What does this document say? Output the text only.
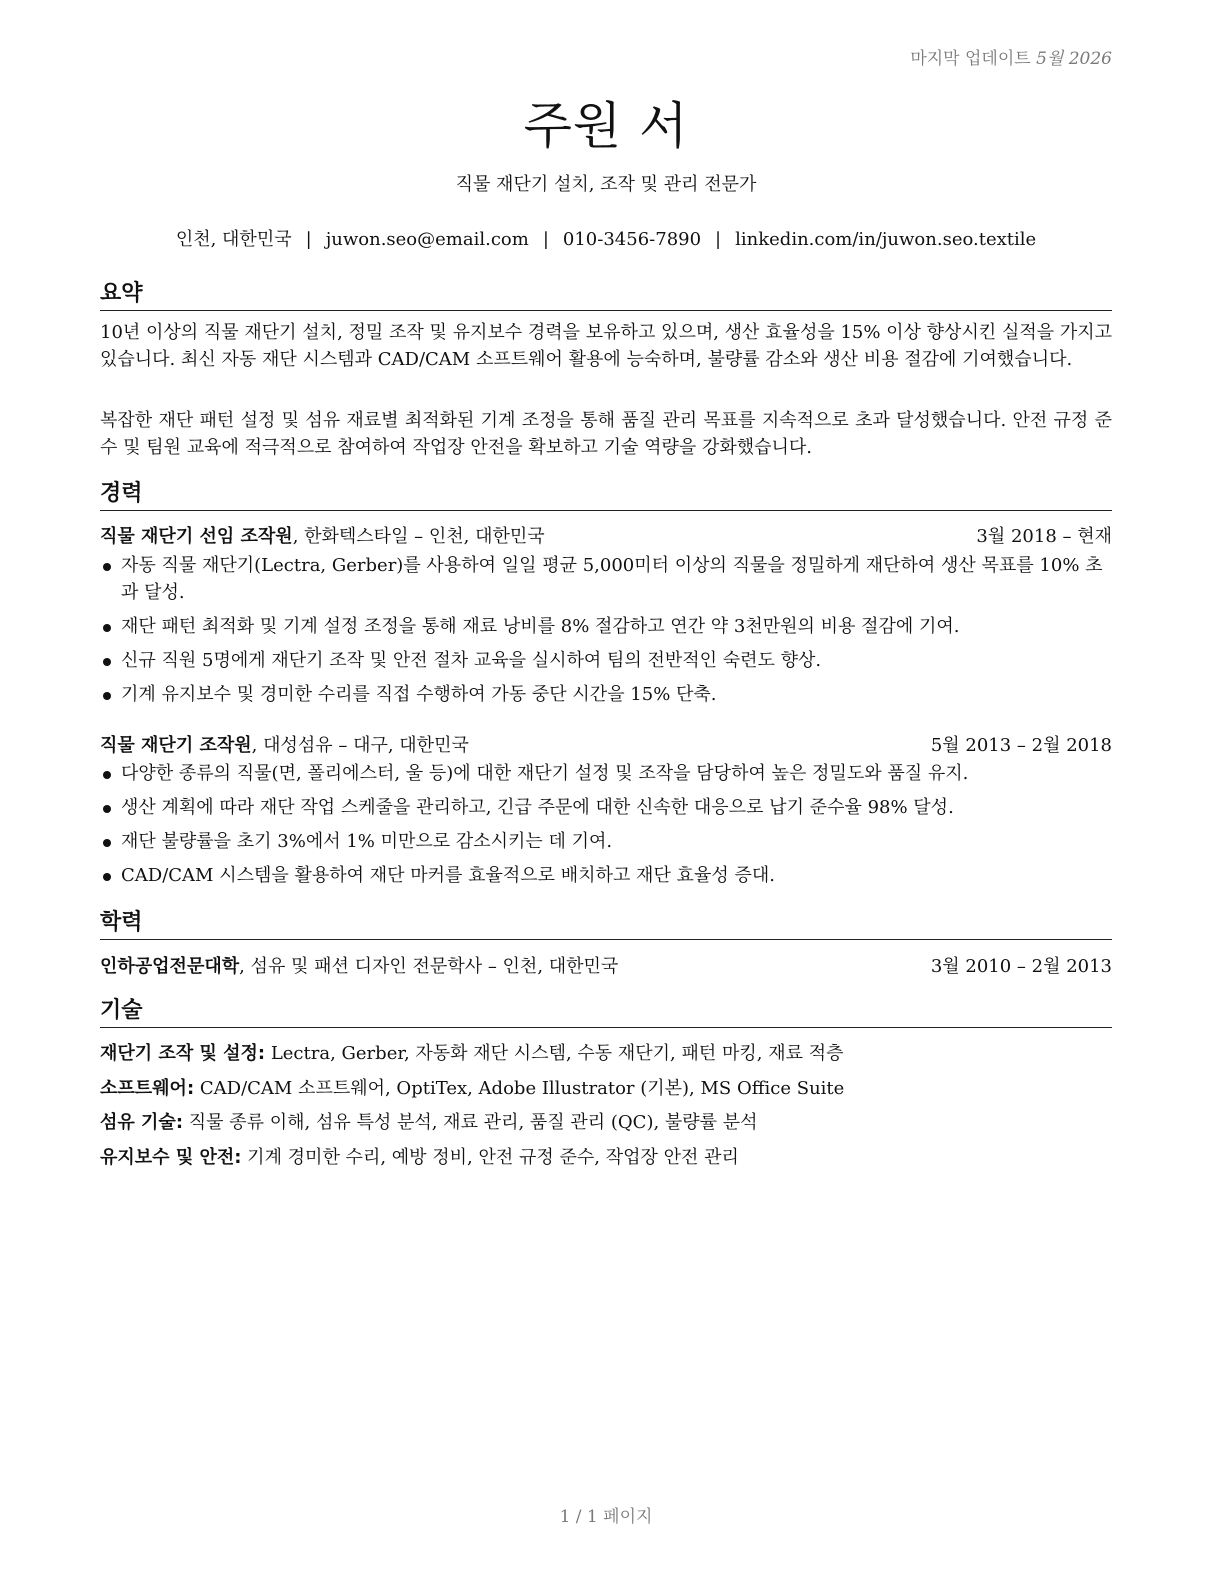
마지막 업데이트 5월 2026
주원 서
직물 재단기 설치, 조작 및 관리 전문가
인천, 대한민국 | juwon.seo@email.com | 010-3456-7890 | linkedin.com/in/juwon.seo.textile
요약
10년 이상의 직물 재단기 설치, 정밀 조작 및 유지보수 경력을 보유하고 있으며, 생산 효율성을 15% 이상 향상시킨 실적을 가지고 있습니다. 최신 자동 재단 시스템과 CAD/CAM 소프트웨어 활용에 능숙하며, 불량률 감소와 생산 비용 절감에 기여했습니다.
복잡한 재단 패턴 설정 및 섬유 재료별 최적화된 기계 조정을 통해 품질 관리 목표를 지속적으로 초과 달성했습니다. 안전 규정 준수 및 팀원 교육에 적극적으로 참여하여 작업장 안전을 확보하고 기술 역량을 강화했습니다.
경력
직물 재단기 선임 조작원, 한화텍스타일 – 인천, 대한민국	3월 2018 – 현재
자동 직물 재단기(Lectra, Gerber)를 사용하여 일일 평균 5,000미터 이상의 직물을 정밀하게 재단하여 생산 목표를 10% 초과 달성.
재단 패턴 최적화 및 기계 설정 조정을 통해 재료 낭비를 8% 절감하고 연간 약 3천만원의 비용 절감에 기여.
신규 직원 5명에게 재단기 조작 및 안전 절차 교육을 실시하여 팀의 전반적인 숙련도 향상.
기계 유지보수 및 경미한 수리를 직접 수행하여 가동 중단 시간을 15% 단축.
직물 재단기 조작원, 대성섬유 – 대구, 대한민국	5월 2013 – 2월 2018
다양한 종류의 직물(면, 폴리에스터, 울 등)에 대한 재단기 설정 및 조작을 담당하여 높은 정밀도와 품질 유지.
생산 계획에 따라 재단 작업 스케줄을 관리하고, 긴급 주문에 대한 신속한 대응으로 납기 준수율 98% 달성.
재단 불량률을 초기 3%에서 1% 미만으로 감소시키는 데 기여.
CAD/CAM 시스템을 활용하여 재단 마커를 효율적으로 배치하고 재단 효율성 증대.
학력
인하공업전문대학, 섬유 및 패션 디자인 전문학사 – 인천, 대한민국	3월 2010 – 2월 2013
기술
재단기 조작 및 설정: Lectra, Gerber, 자동화 재단 시스템, 수동 재단기, 패턴 마킹, 재료 적층
소프트웨어: CAD/CAM 소프트웨어, OptiTex, Adobe Illustrator (기본), MS Office Suite
섬유 기술: 직물 종류 이해, 섬유 특성 분석, 재료 관리, 품질 관리 (QC), 불량률 분석
유지보수 및 안전: 기계 경미한 수리, 예방 정비, 안전 규정 준수, 작업장 안전 관리
1 / 1 페이지
